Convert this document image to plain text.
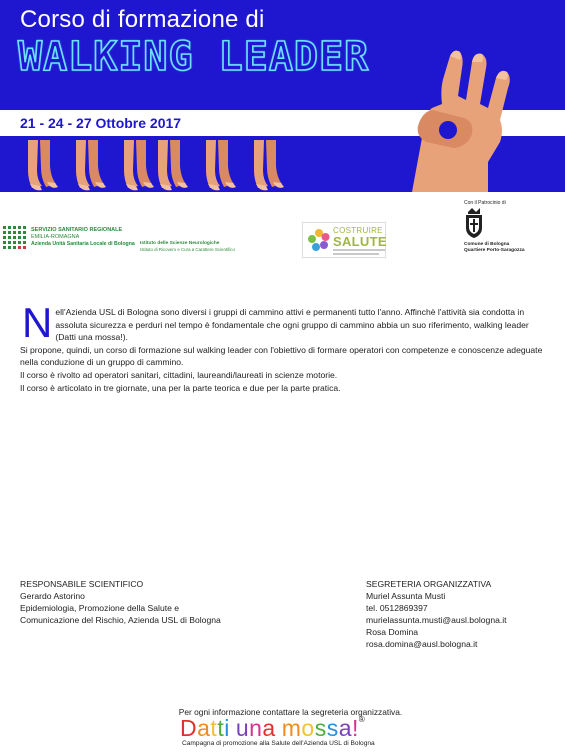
Corso di formazione di
WALKING LEADER
21 - 24 - 27 Ottobre 2017
SERVIZIO SANITARIO REGIONALE
EMILIA-ROMAGNA
Azienda Unità Sanitaria Locale di Bologna Istituto delle Scienze Neurologiche
Istituto di Ricovero e Cura a Carattere Scientifico
COSTRUIRE
SALUTE
Con il Patrocinio di
Comune di Bologna
Quartiere Porto-Saragozza

Nell'Azienda USL di Bologna sono diversi i gruppi di cammino attivi e permanenti tutto l'anno. Affinchè l'attività sia condotta in assoluta sicurezza e perduri nel tempo è fondamentale che ogni gruppo di cammino abbia un suo riferimento, walking leader (Datti una mossa!).

Si propone, quindi, un corso di formazione sul walking leader con l'obiettivo di formare operatori con competenze e conoscenze adeguate nella conduzione di un gruppo di cammino.

Il corso è rivolto ad operatori sanitari, cittadini, laureandi/laureati in scienze motorie.

Il corso è articolato in tre giornate, una per la parte teorica e due per la parte pratica.

RESPONSABILE SCIENTIFICO
Gerardo Astorino
Epidemiologia, Promozione della Salute e
Comunicazione del Rischio, Azienda USL di Bologna
SEGRETERIA ORGANIZZATIVA
Muriel Assunta Musti
tel. 0512869397
murielassunta.musti@ausl.bologna.it
Rosa Domina
rosa.domina@ausl.bologna.it
Per ogni informazione contattare la segreteria organizzativa.
Datti una mossa!®
Campagna di promozione alla Salute dell'Azienda USL di Bologna
